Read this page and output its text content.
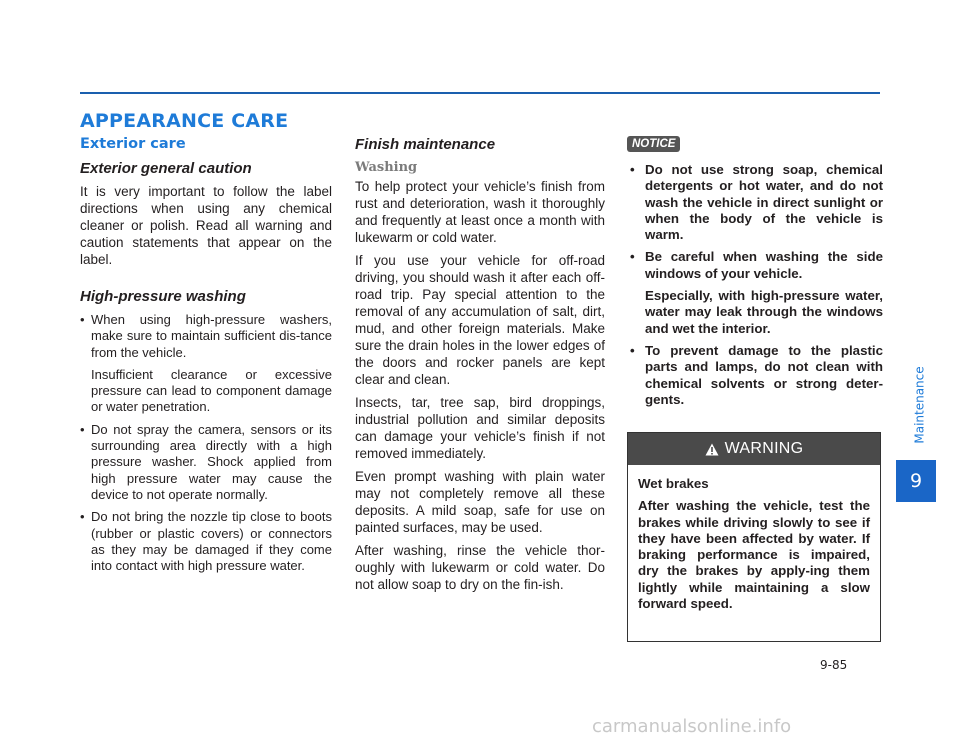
APPEARANCE CARE
Exterior care
Exterior general caution

It is very important to follow the label directions when using any chemical cleaner or polish. Read all warning and caution statements that appear on the label.

High-pressure washing
• When using high-pressure washers, make sure to maintain sufficient dis-tance from the vehicle.
Insufficient clearance or excessive pressure can lead to component damage or water penetration.
• Do not spray the camera, sensors or its surrounding area directly with a high pressure washer. Shock applied from high pressure water may cause the device to not operate normally.
• Do not bring the nozzle tip close to boots (rubber or plastic covers) or connectors as they may be damaged if they come into contact with high pressure water.
Finish maintenance
Washing

To help protect your vehicle’s finish from rust and deterioration, wash it thoroughly and frequently at least once a month with lukewarm or cold water.

If you use your vehicle for off-road driving, you should wash it after each off-road trip. Pay special attention to the removal of any accumulation of salt, dirt, mud, and other foreign materials. Make sure the drain holes in the lower edges of the doors and rocker panels are kept clear and clean.

Insects, tar, tree sap, bird droppings, industrial pollution and similar deposits can damage your vehicle’s finish if not removed immediately.

Even prompt washing with plain water may not completely remove all these deposits. A mild soap, safe for use on painted surfaces, may be used.

After washing, rinse the vehicle thor-oughly with lukewarm or cold water. Do not allow soap to dry on the fin-ish.

NOTICE
• Do not use strong soap, chemical detergents or hot water, and do not wash the vehicle in direct sunlight or when the body of the vehicle is warm.
• Be careful when washing the side windows of your vehicle.
Especially, with high-pressure water, water may leak through the windows and wet the interior.
• To prevent damage to the plastic parts and lamps, do not clean with chemical solvents or strong deter-gents.
WARNING
Wet brakes
After washing the vehicle, test the brakes while driving slowly to see if they have been affected by water. If braking performance is impaired, dry the brakes by apply-ing them lightly while maintaining a slow forward speed.
Maintenance
9
9-85
carmanualsonline.info
